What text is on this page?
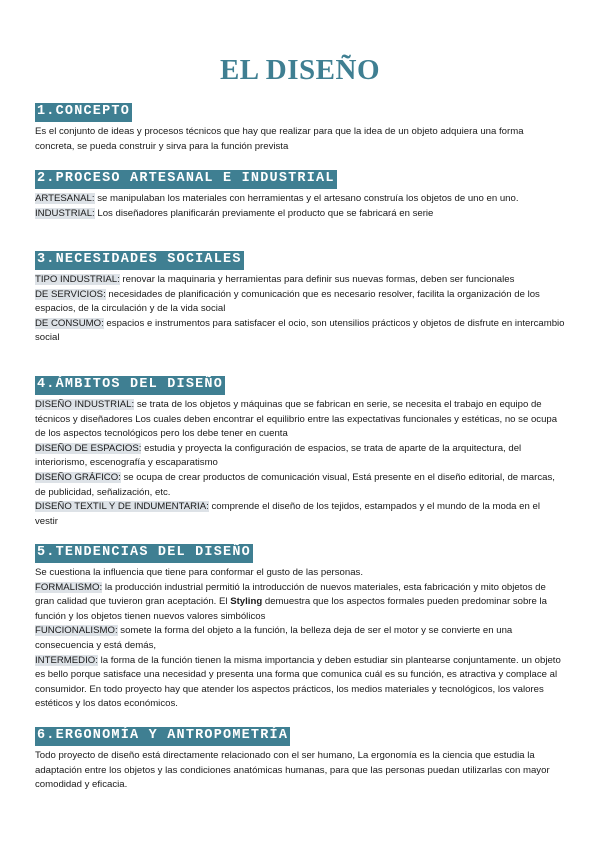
EL DISEÑO
1.CONCEPTO

Es el conjunto de ideas y procesos técnicos que hay que realizar para que la idea de un objeto adquiera una forma concreta, se pueda construir y sirva para la función prevista

2.PROCESO ARTESANAL E INDUSTRIAL

ARTESANAL: se manipulaban los materiales con herramientas y el artesano construía los objetos de uno en uno.

INDUSTRIAL: Los diseñadores planificarán previamente el producto que se fabricará en serie

3.NECESIDADES SOCIALES

TIPO INDUSTRIAL: renovar la maquinaria y herramientas para definir sus nuevas formas, deben ser funcionales

DE SERVICIOS: necesidades de planificación y comunicación que es necesario resolver, facilita la organización de los espacios, de la circulación y de la vida social

DE CONSUMO: espacios e instrumentos para satisfacer el ocio, son utensilios prácticos y objetos de disfrute en intercambio social

4.ÁMBITOS DEL DISEÑO

DISEÑO INDUSTRIAL: se trata de los objetos y máquinas que se fabrican en serie, se necesita el trabajo en equipo de técnicos y diseñadores Los cuales deben encontrar el equilibrio entre las expectativas funcionales y estéticas, no se ocupa de los aspectos tecnológicos pero los debe tener en cuenta

DISEÑO DE ESPACIOS: estudia y proyecta la configuración de espacios, se trata de aparte de la arquitectura, del interiorismo, escenografía y escaparatismo

DISEÑO GRÁFICO: se ocupa de crear productos de comunicación visual, Está presente en el diseño editorial, de marcas, de publicidad, señalización, etc.

DISEÑO TEXTIL Y DE INDUMENTARIA: comprende el diseño de los tejidos, estampados y el mundo de la moda en el vestir

5.TENDENCIAS DEL DISEÑO

Se cuestiona la influencia que tiene para conformar el gusto de las personas.

FORMALISMO: la producción industrial permitió la introducción de nuevos materiales, esta fabricación y mito objetos de gran calidad que tuvieron gran aceptación. El Styling demuestra que los aspectos formales pueden predominar sobre la función y los objetos tienen nuevos valores simbólicos

FUNCIONALISMO: somete la forma del objeto a la función, la belleza deja de ser el motor y se convierte en una consecuencia y está demás,

INTERMEDIO: la forma de la función tienen la misma importancia y deben estudiar sin plantearse conjuntamente. un objeto es bello porque satisface una necesidad y presenta una forma que comunica cuál es su función, es atractiva y complace al consumidor. En todo proyecto hay que atender los aspectos prácticos, los medios materiales y tecnológicos, los valores estéticos y los datos económicos.

6.ERGONOMÍA Y ANTROPOMETRÍA

Todo proyecto de diseño está directamente relacionado con el ser humano, La ergonomía es la ciencia que estudia la adaptación entre los objetos y las condiciones anatómicas humanas, para que las personas puedan utilizarlas con mayor comodidad y eficacia.
